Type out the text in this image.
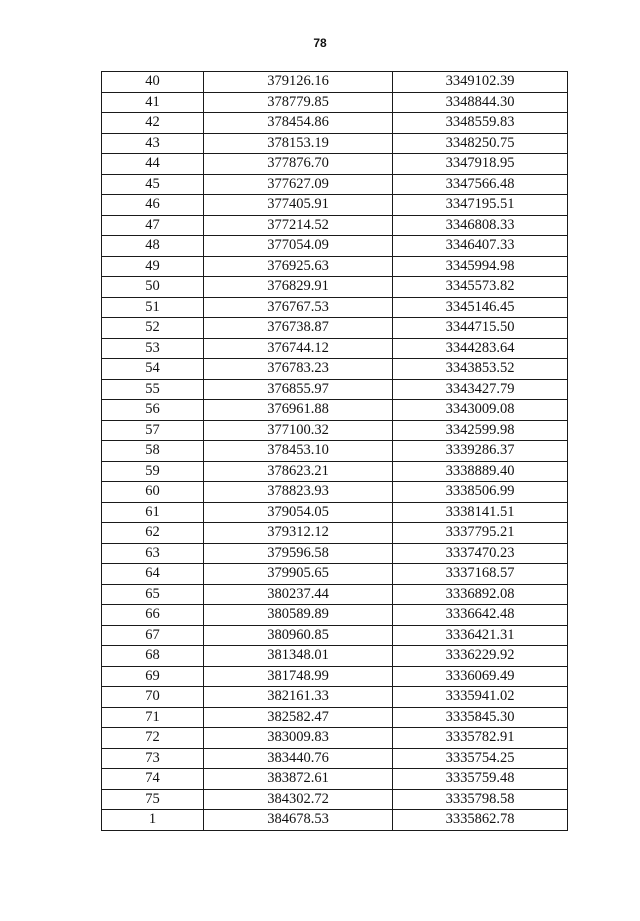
78
40	379126.16	3349102.39
41	378779.85	3348844.30
42	378454.86	3348559.83
43	378153.19	3348250.75
44	377876.70	3347918.95
45	377627.09	3347566.48
46	377405.91	3347195.51
47	377214.52	3346808.33
48	377054.09	3346407.33
49	376925.63	3345994.98
50	376829.91	3345573.82
51	376767.53	3345146.45
52	376738.87	3344715.50
53	376744.12	3344283.64
54	376783.23	3343853.52
55	376855.97	3343427.79
56	376961.88	3343009.08
57	377100.32	3342599.98
58	378453.10	3339286.37
59	378623.21	3338889.40
60	378823.93	3338506.99
61	379054.05	3338141.51
62	379312.12	3337795.21
63	379596.58	3337470.23
64	379905.65	3337168.57
65	380237.44	3336892.08
66	380589.89	3336642.48
67	380960.85	3336421.31
68	381348.01	3336229.92
69	381748.99	3336069.49
70	382161.33	3335941.02
71	382582.47	3335845.30
72	383009.83	3335782.91
73	383440.76	3335754.25
74	383872.61	3335759.48
75	384302.72	3335798.58
1	384678.53	3335862.78
